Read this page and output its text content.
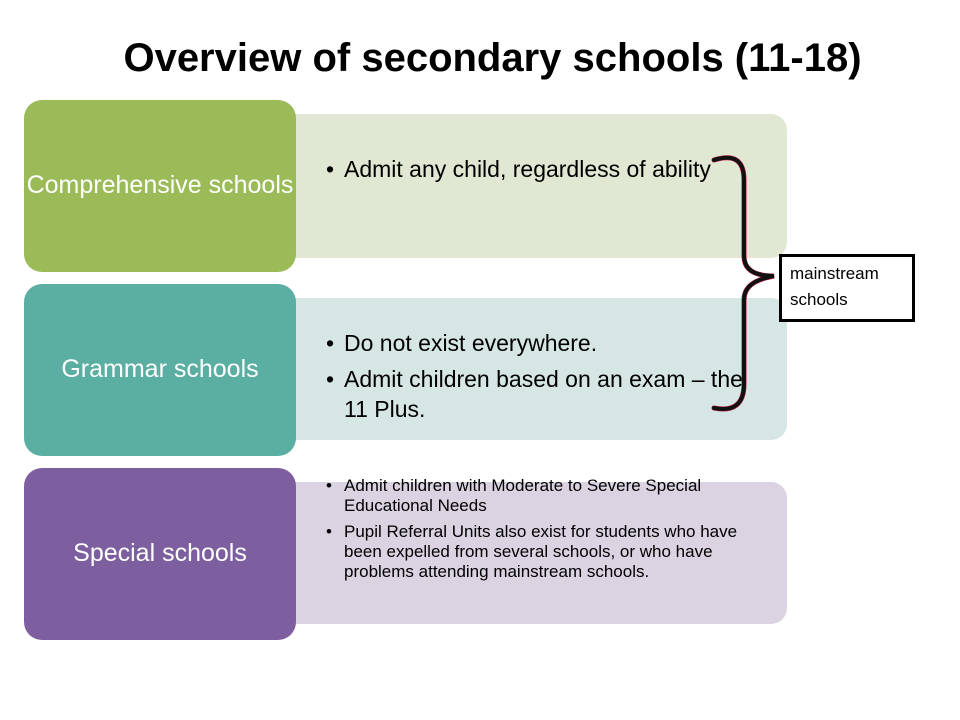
Overview of secondary schools (11-18)
• Admit any child, regardless of ability
Comprehensive schools
• Do not exist everywhere.
• Admit children based on an exam – the 11 Plus.
Grammar schools
• Admit children with Moderate to Severe Special Educational Needs
• Pupil Referral Units also exist for students who have been expelled from several schools, or who have problems attending mainstream schools.
Special schools
mainstream schools
